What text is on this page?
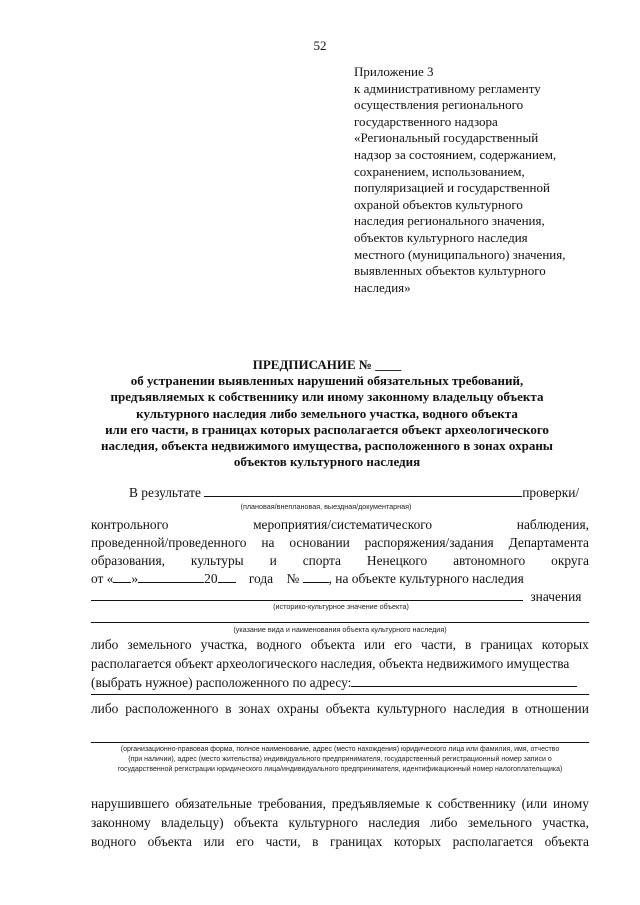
52
Приложение 3
к административному регламенту
осуществления регионального
государственного надзора
«Региональный государственный
надзор за состоянием, содержанием,
сохранением, использованием,
популяризацией и государственной
охраной объектов культурного
наследия регионального значения,
объектов культурного наследия
местного (муниципального) значения,
выявленных объектов культурного
наследия»
ПРЕДПИСАНИЕ № ____
об устранении выявленных нарушений обязательных требований,
предъявляемых к собственнику или иному законному владельцу объекта
культурного наследия либо земельного участка, водного объекта
или его части, в границах которых располагается объект археологического
наследия, объекта недвижимого имущества, расположенного в зонах охраны
объектов культурного наследия
В результате	проверки/
(плановая/внеплановая, выездная/документарная)
контрольного	мероприятия/систематического	наблюдения,
проведенной/проведенного на основании распоряжения/задания Департамента
образования, культуры и спорта Ненецкого автономного округа
от « »	20 года № , на объекте культурного наследия
значения
(историко-культурное значение объекта)
(указание вида и наименования объекта культурного наследия)
либо земельного участка, водного объекта или его части, в границах которых
располагается объект археологического наследия, объекта недвижимого имущества
(выбрать нужное) расположенного по адресу:
либо расположенного в зонах охраны объекта культурного наследия в отношении
(организационно-правовая форма, полное наименование, адрес (место нахождения) юридического лица или фамилия, имя, отчество
(при наличии), адрес (место жительства) индивидуального предпринимателя, государственный регистрационный номер записи о
государственной регистрации юридического лица/индивидуального предпринимателя, идентификационный номер налогоплательщика)
нарушившего обязательные требования, предъявляемые к собственнику (или иному
законному владельцу) объекта культурного наследия либо земельного участка,
водного объекта или его части, в границах которых располагается объекта
